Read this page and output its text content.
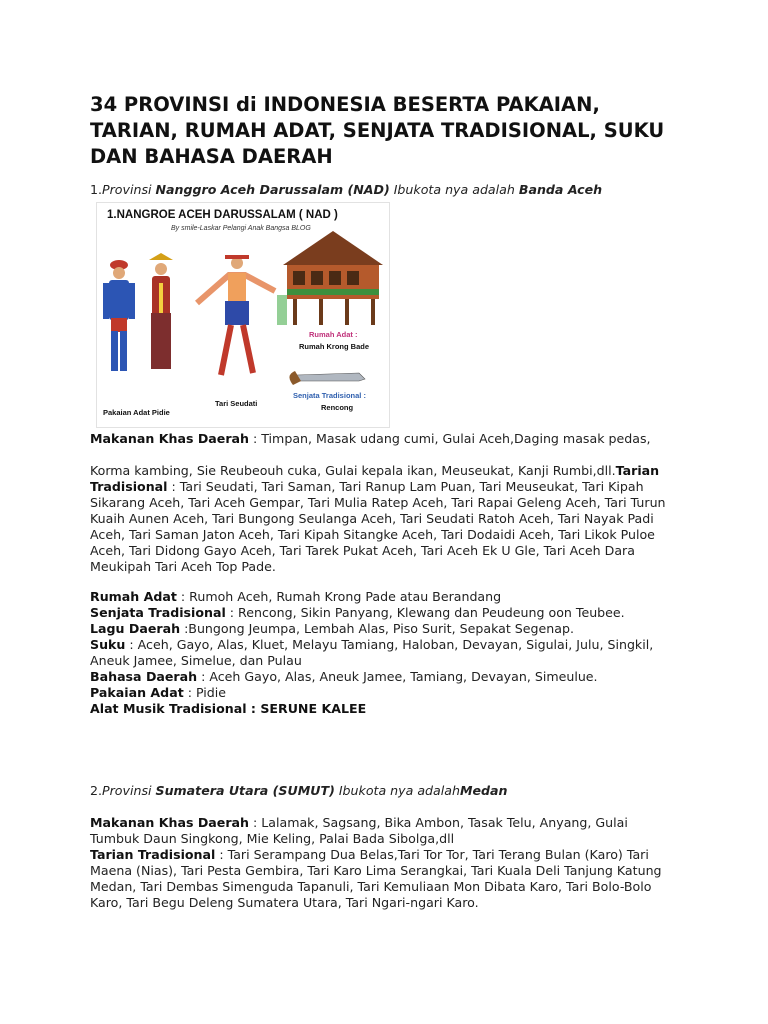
34 PROVINSI di INDONESIA BESERTA PAKAIAN, TARIAN, RUMAH ADAT, SENJATA TRADISIONAL, SUKU DAN BAHASA DAERAH
1.Provinsi Nanggro Aceh Darussalam (NAD) Ibukota nya adalah Banda Aceh
1.NANGROE ACEH DARUSSALAM ( NAD )
By smile-Laskar Pelangi Anak Bangsa BLOG
Pakaian Adat Pidie
Tari Seudati
Rumah Adat :
Rumah Krong Bade
Senjata Tradisional :
Rencong
Makanan Khas Daerah : Timpan, Masak udang cumi, Gulai Aceh,Daging masak pedas,
Korma kambing, Sie Reubeouh cuka, Gulai kepala ikan, Meuseukat, Kanji Rumbi,dll.Tarian
Tradisional : Tari Seudati, Tari Saman, Tari Ranup Lam Puan, Tari Meuseukat, Tari Kipah
Sikarang Aceh, Tari Aceh Gempar, Tari Mulia Ratep Aceh, Tari Rapai Geleng Aceh, Tari Turun
Kuaih Aunen Aceh, Tari Bungong Seulanga Aceh, Tari Seudati Ratoh Aceh, Tari Nayak Padi
Aceh, Tari Saman Jaton Aceh, Tari Kipah Sitangke Aceh, Tari Dodaidi Aceh, Tari Likok Puloe
Aceh, Tari Didong Gayo Aceh, Tari Tarek Pukat Aceh, Tari Aceh Ek U Gle, Tari Aceh Dara
Meukipah Tari Aceh Top Pade.
Rumah Adat : Rumoh Aceh, Rumah Krong Pade atau Berandang
Senjata Tradisional : Rencong, Sikin Panyang, Klewang dan Peudeung oon Teubee.
Lagu Daerah :Bungong Jeumpa, Lembah Alas, Piso Surit, Sepakat Segenap.
Suku : Aceh, Gayo, Alas, Kluet, Melayu Tamiang, Haloban, Devayan, Sigulai, Julu, Singkil,
Aneuk Jamee, Simelue, dan Pulau
Bahasa Daerah : Aceh Gayo, Alas, Aneuk Jamee, Tamiang, Devayan, Simeulue.
Pakaian Adat : Pidie
Alat Musik Tradisional : SERUNE KALEE
2.Provinsi Sumatera Utara (SUMUT) Ibukota nya adalahMedan
Makanan Khas Daerah : Lalamak, Sagsang, Bika Ambon, Tasak Telu, Anyang, Gulai
Tumbuk Daun Singkong, Mie Keling, Palai Bada Sibolga,dll
Tarian Tradisional : Tari Serampang Dua Belas,Tari Tor Tor, Tari Terang Bulan (Karo) Tari
Maena (Nias), Tari Pesta Gembira, Tari Karo Lima Serangkai, Tari Kuala Deli Tanjung Katung
Medan, Tari Dembas Simenguda Tapanuli, Tari Kemuliaan Mon Dibata Karo, Tari Bolo-Bolo
Karo, Tari Begu Deleng Sumatera Utara, Tari Ngari-ngari Karo.
